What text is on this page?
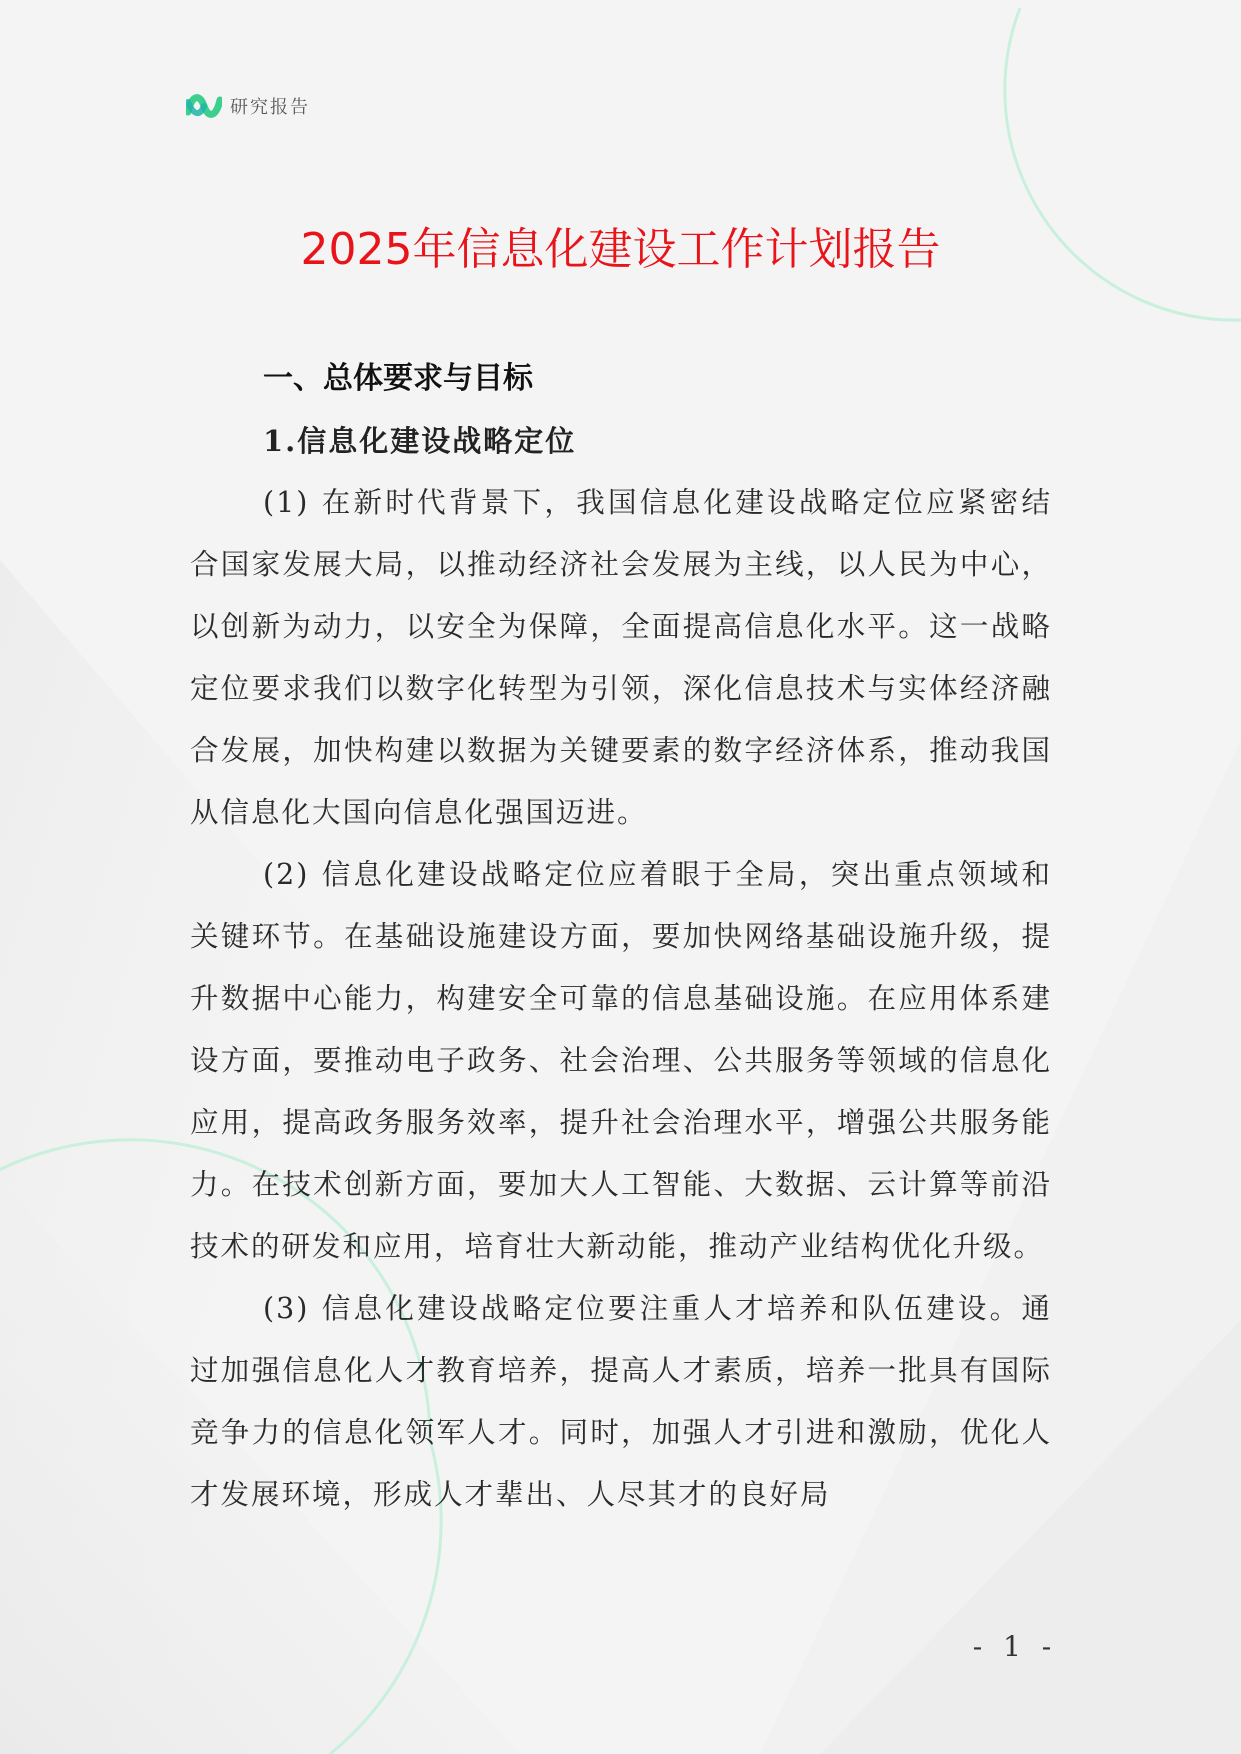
研究报告
2025年信息化建设工作计划报告
一、总体要求与目标
1.信息化建设战略定位

(1) 在新时代背景下，我国信息化建设战略定位应紧密结合国家发展大局，以推动经济社会发展为主线，以人民为中心，以创新为动力，以安全为保障，全面提高信息化水平。这一战略定位要求我们以数字化转型为引领，深化信息技术与实体经济融合发展，加快构建以数据为关键要素的数字经济体系，推动我国从信息化大国向信息化强国迈进。

(2) 信息化建设战略定位应着眼于全局，突出重点领域和关键环节。在基础设施建设方面，要加快网络基础设施升级，提升数据中心能力，构建安全可靠的信息基础设施。在应用体系建设方面，要推动电子政务、社会治理、公共服务等领域的信息化应用，提高政务服务效率，提升社会治理水平，增强公共服务能力。在技术创新方面，要加大人工智能、大数据、云计算等前沿技术的研发和应用，培育壮大新动能，推动产业结构优化升级。

(3) 信息化建设战略定位要注重人才培养和队伍建设。通过加强信息化人才教育培养，提高人才素质，培养一批具有国际竞争力的信息化领军人才。同时，加强人才引进和激励，优化人才发展环境，形成人才辈出、人尽其才的良好局

- 1 -
